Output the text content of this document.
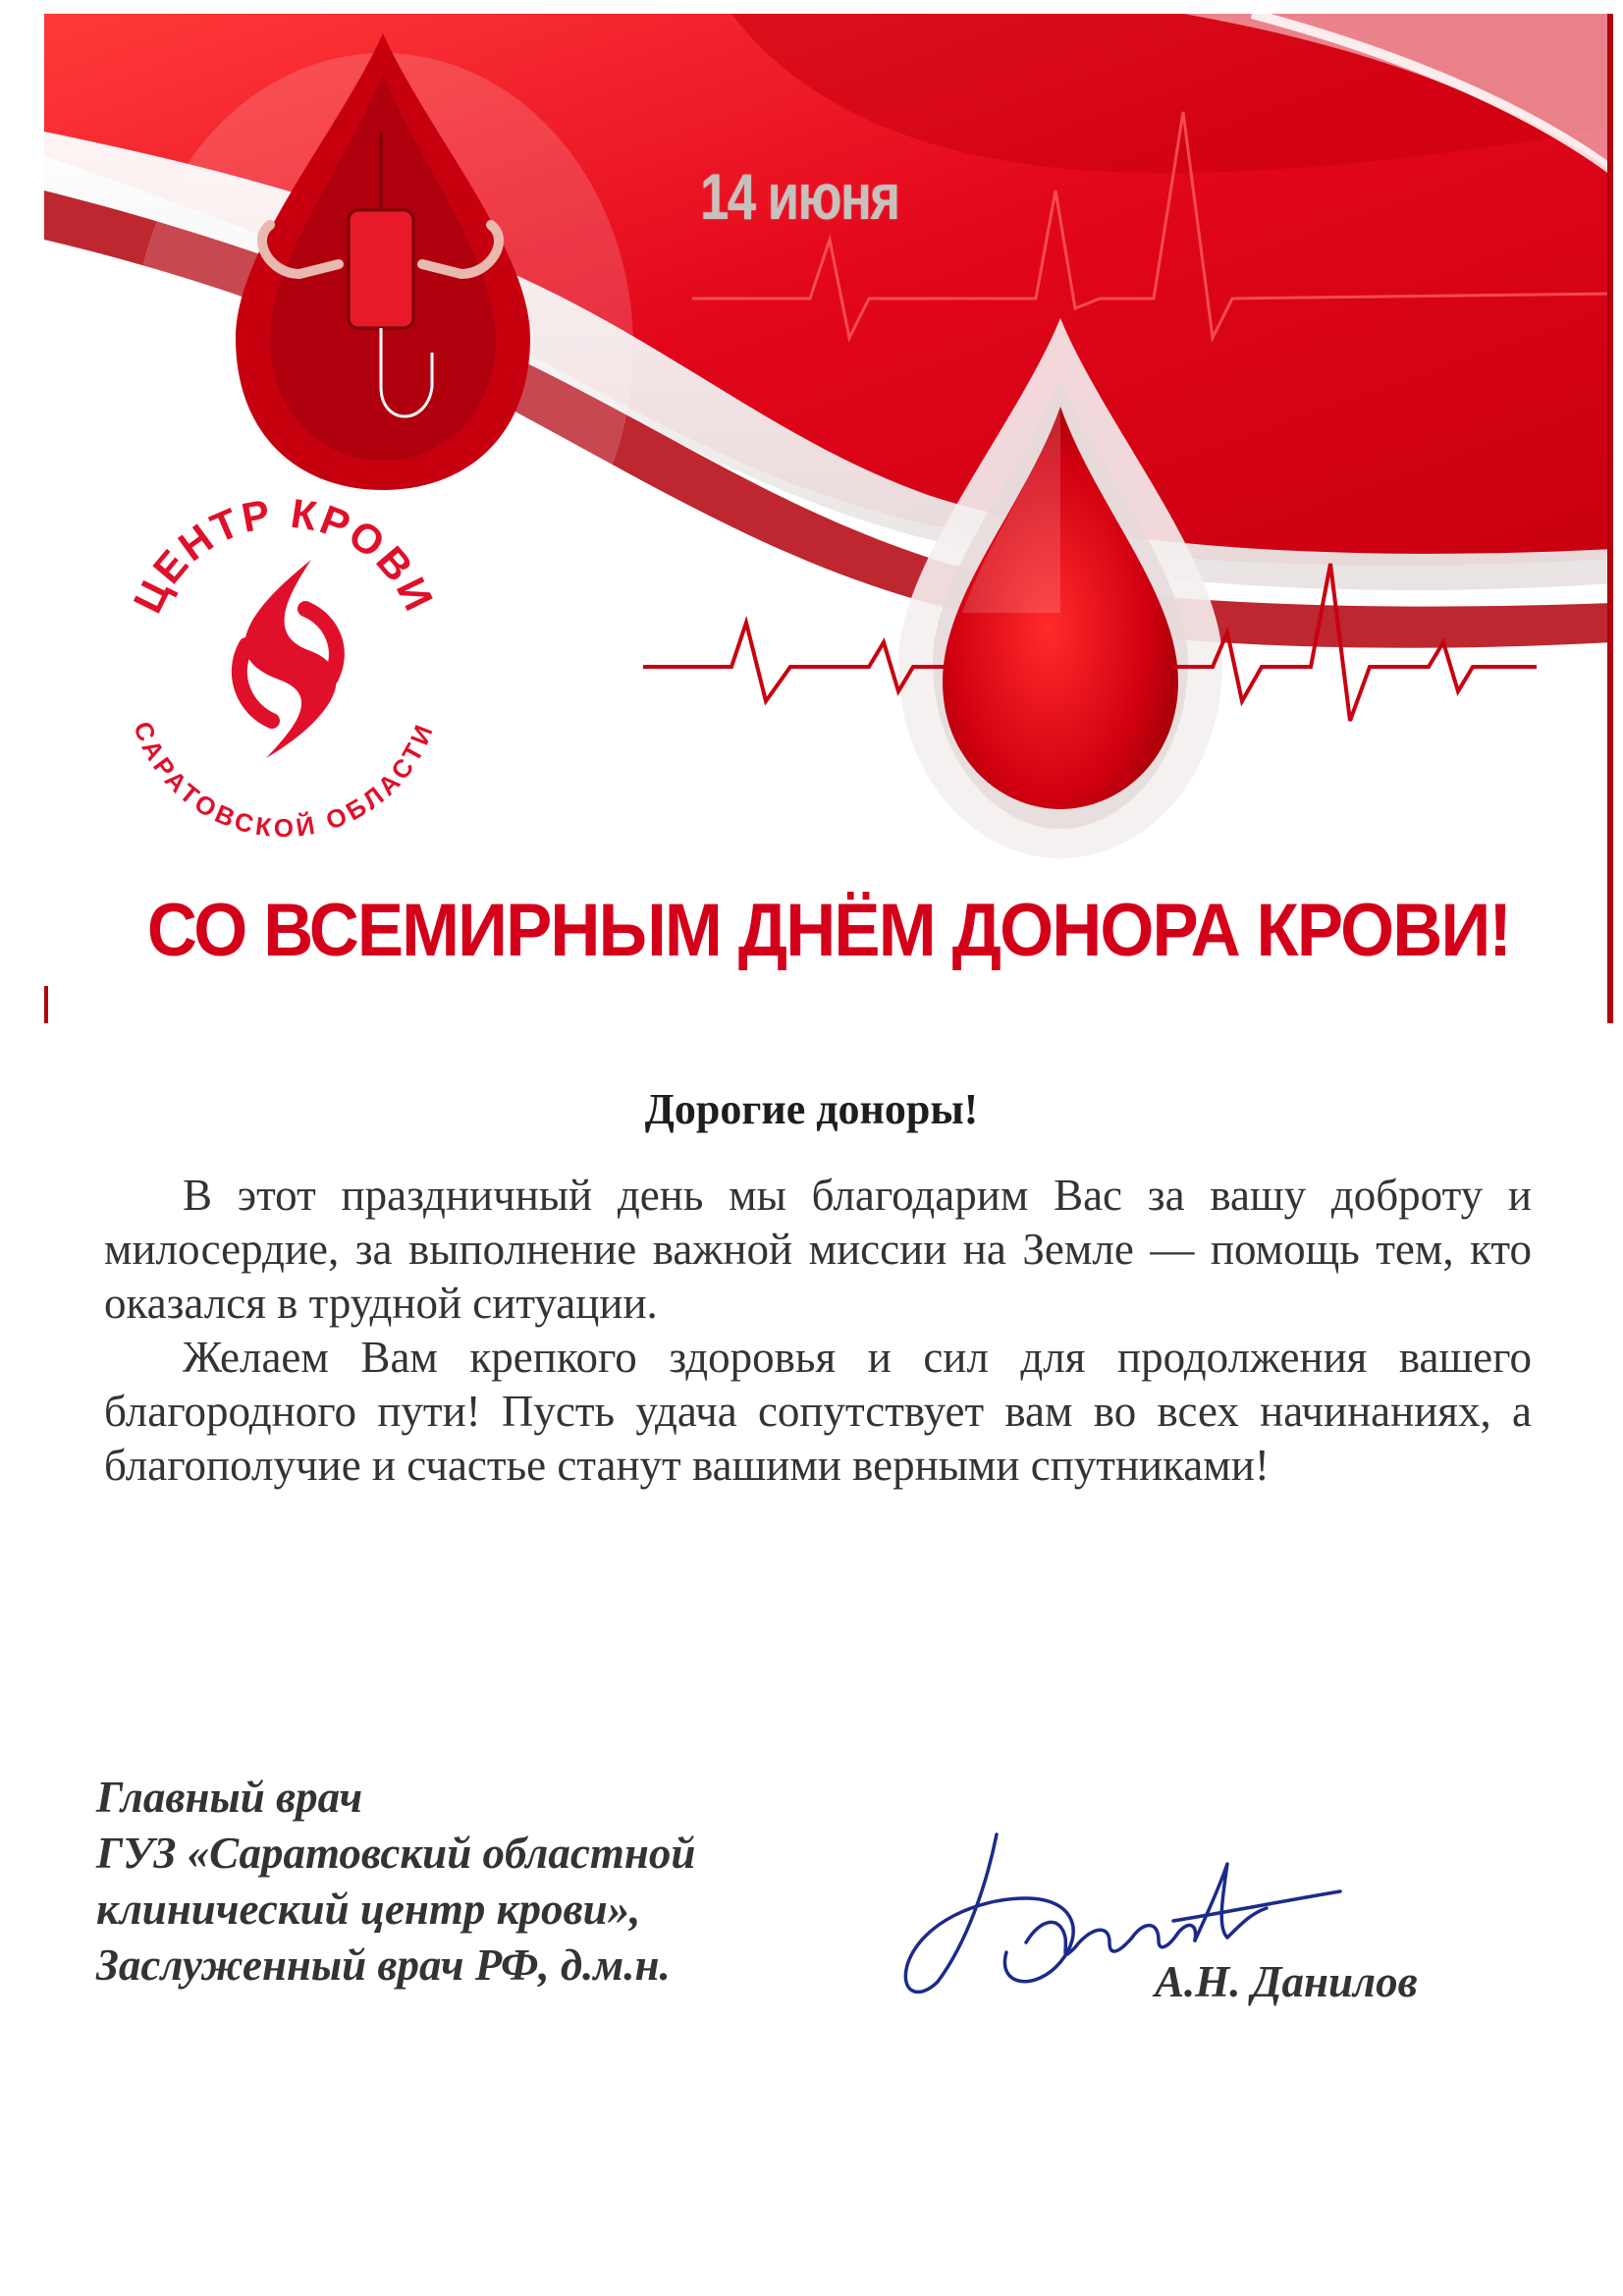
14 июня

ЦЕНТР КРОВИ
САРАТОВСКОЙ ОБЛАСТИ
СО ВСЕМИРНЫМ ДНЁМ ДОНОРА КРОВИ!
Дорогие доноры!

В этот праздничный день мы благодарим Вас за вашу доброту и милосердие, за выполнение важной миссии на Земле — помощь тем, кто оказался в трудной ситуации.

Желаем Вам крепкого здоровья и сил для продолжения вашего благородного пути! Пусть удача сопутствует вам во всех начинаниях, а благополучие и счастье станут вашими верными спутниками!

Главный врач
ГУЗ «Саратовский областной
клинический центр крови»,
Заслуженный врач РФ, д.м.н.	А.Н. Данилов
